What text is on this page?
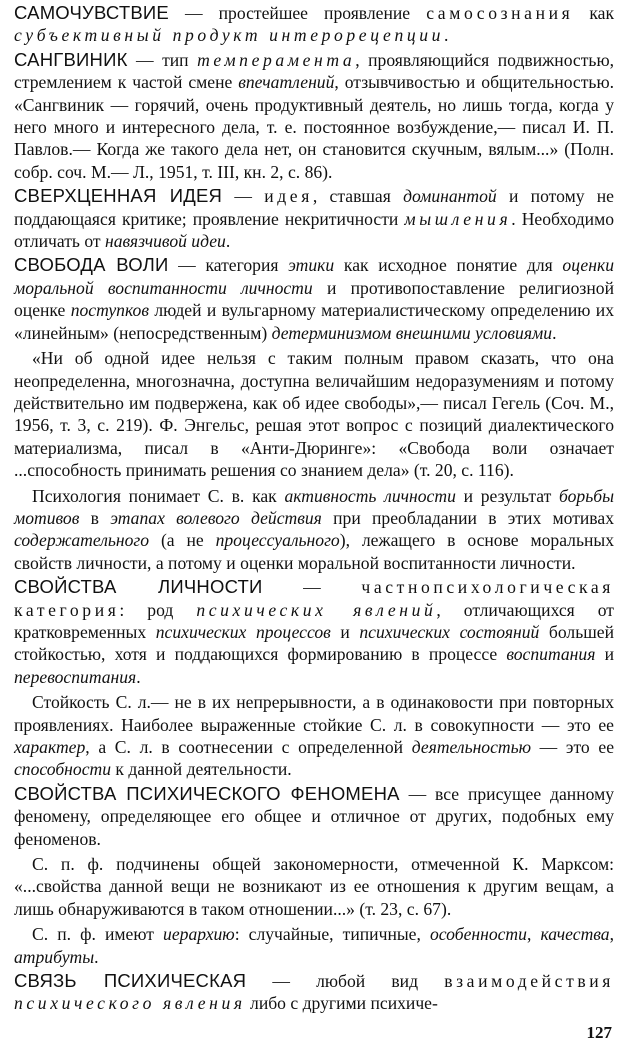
САМОЧУВСТВИЕ — простейшее проявление самосознания как субъективный продукт интерорецепции.

САНГВИНИК — тип темперамента, проявляющийся подвижностью, стремлением к частой смене впечатлений, отзывчивостью и общительностью. «Сангвиник — горячий, очень продуктивный деятель, но лишь тогда, когда у него много и интересного дела, т. е. постоянное возбуждение,— писал И. П. Павлов.— Когда же такого дела нет, он становится скучным, вялым...» (Полн. собр. соч. М.— Л., 1951, т. III, кн. 2, с. 86).

СВЕРХЦЕННАЯ ИДЕЯ — идея, ставшая доминантой и потому не поддающаяся критике; проявление некритичности мышления. Необходимо отличать от навязчивой идеи.

СВОБОДА ВОЛИ — категория этики как исходное понятие для оценки моральной воспитанности личности и противопоставление религиозной оценке поступков людей и вульгарному материалистическому определению их «линейным» (непосредственным) детерминизмом внешними условиями.

«Ни об одной идее нельзя с таким полным правом сказать, что она неопределенна, многозначна, доступна величайшим недоразумениям и потому действительно им подвержена, как об идее свободы»,— писал Гегель (Соч. М., 1956, т. 3, с. 219). Ф. Энгельс, решая этот вопрос с позиций диалектического материализма, писал в «Анти-Дюринге»: «Свобода воли означает ...способность принимать решения со знанием дела» (т. 20, с. 116).

Психология понимает С. в. как активность личности и результат борьбы мотивов в этапах волевого действия при преобладании в этих мотивах содержательного (а не процессуального), лежащего в основе моральных свойств личности, а потому и оценки моральной воспитанности личности.

СВОЙСТВА ЛИЧНОСТИ — частнопсихологическая категория: род психических явлений, отличающихся от кратковременных психических процессов и психических состояний большей стойкостью, хотя и поддающихся формированию в процессе воспитания и перевоспитания.

Стойкость С. л.— не в их непрерывности, а в одинаковости при повторных проявлениях. Наиболее выраженные стойкие С. л. в совокупности — это ее характер, а С. л. в соотнесении с определенной деятельностью — это ее способности к данной деятельности.

СВОЙСТВА ПСИХИЧЕСКОГО ФЕНОМЕНА — все присущее данному феномену, определяющее его общее и отличное от других, подобных ему феноменов.

С. п. ф. подчинены общей закономерности, отмеченной К. Марксом: «...свойства данной вещи не возникают из ее отношения к другим вещам, а лишь обнаруживаются в таком отношении...» (т. 23, с. 67).

С. п. ф. имеют иерархию: случайные, типичные, особенности, качества, атрибуты.

СВЯЗЬ ПСИХИЧЕСКАЯ — любой вид взаимодействия психического явления либо с другими психиче-

127
